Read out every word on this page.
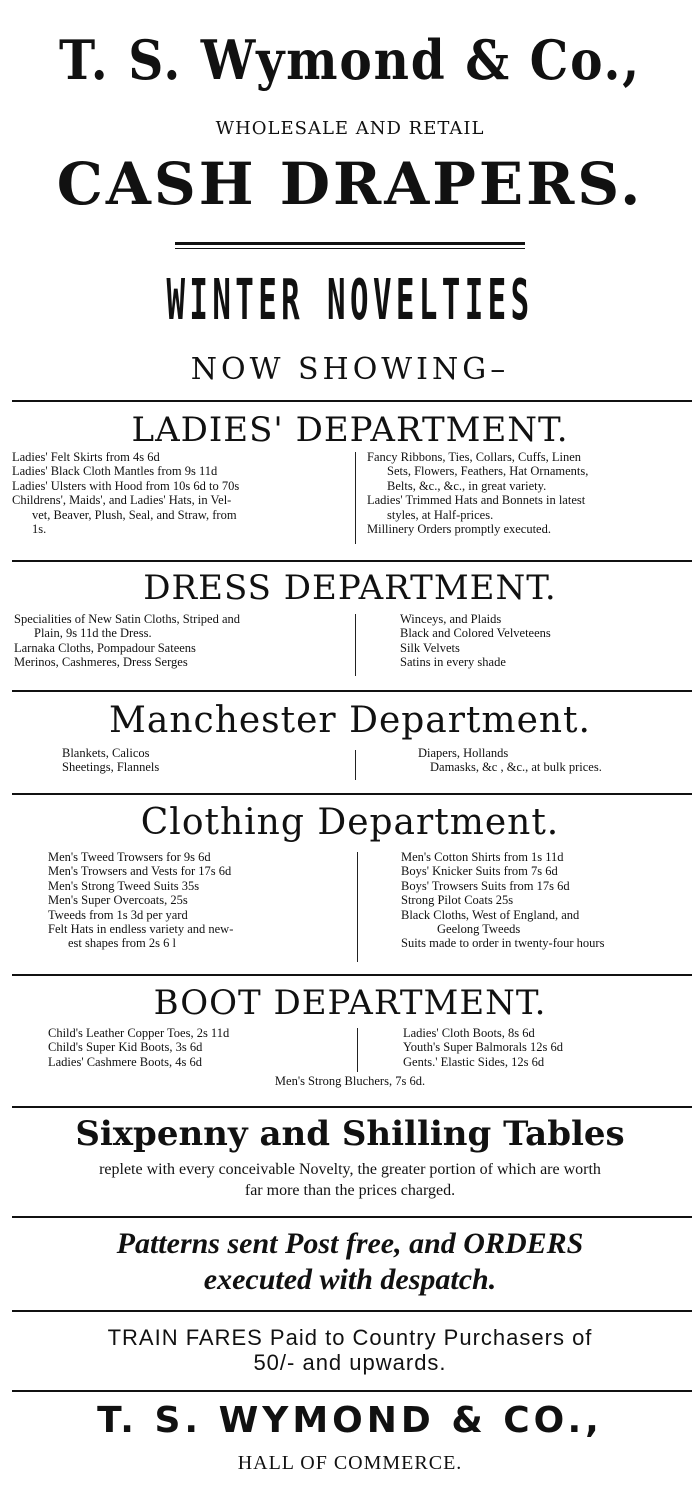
T. S. Wymond & Co.,
WHOLESALE AND RETAIL
CASH DRAPERS.
WINTER NOVELTIES
NOW SHOWING–
LADIES' DEPARTMENT.
Ladies' Felt Skirts from 4s 6d
Ladies' Black Cloth Mantles from 9s 11d
Ladies' Ulsters with Hood from 10s 6d to 70s
Childrens', Maids', and Ladies' Hats, in Vel-
vet, Beaver, Plush, Seal, and Straw, from
1s.
Fancy Ribbons, Ties, Collars, Cuffs, Linen
Sets, Flowers, Feathers, Hat Ornaments,
Belts, &c., &c., in great variety.
Ladies' Trimmed Hats and Bonnets in latest
styles, at Half-prices.
Millinery Orders promptly executed.
DRESS DEPARTMENT.
Specialities of New Satin Cloths, Striped and
Plain, 9s 11d the Dress.
Larnaka Cloths, Pompadour Sateens
Merinos, Cashmeres, Dress Serges
Winceys, and Plaids
Black and Colored Velveteens
Silk Velvets
Satins in every shade
Manchester Department.
Blankets, Calicos
Sheetings, Flannels
Diapers, Hollands
Damasks, &c , &c., at bulk prices.
Clothing Department.
Men's Tweed Trowsers for 9s 6d
Men's Trowsers and Vests for 17s 6d
Men's Strong Tweed Suits 35s
Men's Super Overcoats, 25s
Tweeds from 1s 3d per yard
Felt Hats in endless variety and new-
est shapes from 2s 6 l
Men's Cotton Shirts from 1s 11d
Boys' Knicker Suits from 7s 6d
Boys' Trowsers Suits from 17s 6d
Strong Pilot Coats 25s
Black Cloths, West of England, and
Geelong Tweeds
Suits made to order in twenty-four hours
BOOT DEPARTMENT.
Child's Leather Copper Toes, 2s 11d
Child's Super Kid Boots, 3s 6d
Ladies' Cashmere Boots, 4s 6d
Ladies' Cloth Boots, 8s 6d
Youth's Super Balmorals 12s 6d
Gents.' Elastic Sides, 12s 6d
Men's Strong Bluchers, 7s 6d.
Sixpenny and Shilling Tables
replete with every conceivable Novelty, the greater portion of which are worth
far more than the prices charged.
Patterns sent Post free, and ORDERS
executed with despatch.
TRAIN FARES Paid to Country Purchasers of
50/- and upwards.
T. S. WYMOND & CO.,
HALL OF COMMERCE.
